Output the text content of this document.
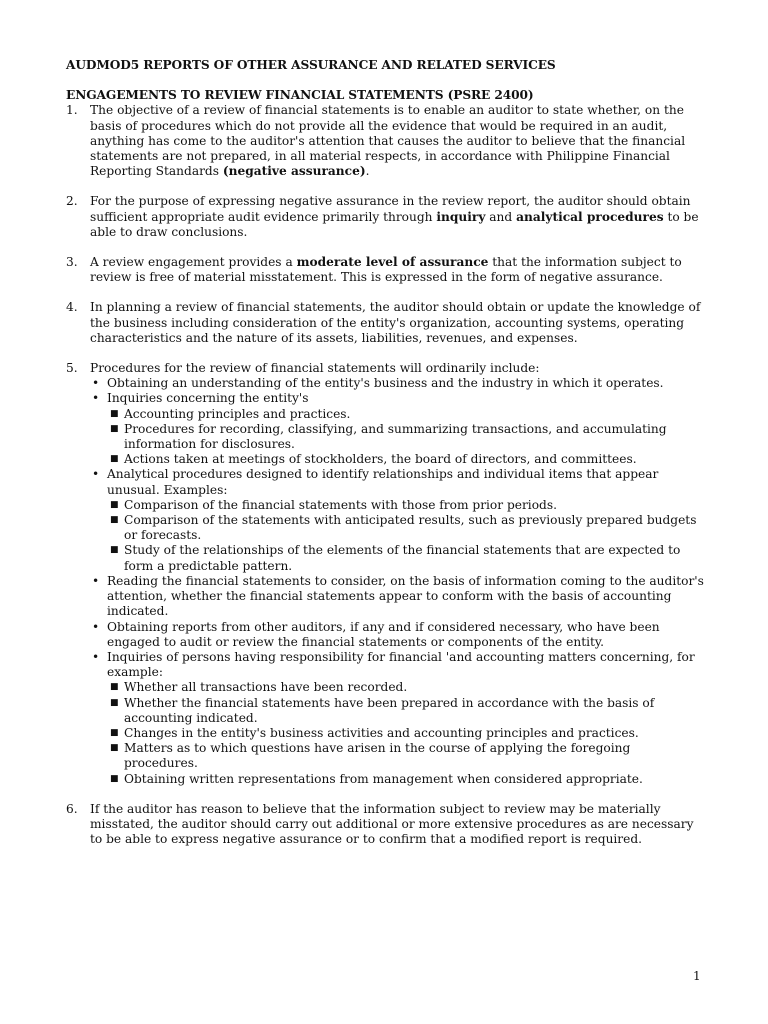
AUDMOD5 REPORTS OF OTHER ASSURANCE AND RELATED SERVICES

ENGAGEMENTS TO REVIEW FINANCIAL STATEMENTS (PSRE 2400)

1. The objective of a review of financial statements is to enable an auditor to state whether, on the basis of procedures which do not provide all the evidence that would be required in an audit, anything has come to the auditor's attention that causes the auditor to believe that the financial statements are not prepared, in all material respects, in accordance with Philippine Financial Reporting Standards (negative assurance).
2. For the purpose of expressing negative assurance in the review report, the auditor should obtain sufficient appropriate audit evidence primarily through inquiry and analytical procedures to be able to draw conclusions.
3. A review engagement provides a moderate level of assurance that the information subject to review is free of material misstatement. This is expressed in the form of negative assurance.
4. In planning a review of financial statements, the auditor should obtain or update the knowledge of the business including consideration of the entity's organization, accounting systems, operating characteristics and the nature of its assets, liabilities, revenues, and expenses.
5. Procedures for the review of financial statements will ordinarily include:
• Obtaining an understanding of the entity's business and the industry in which it operates.
• Inquiries concerning the entity's
■ Accounting principles and practices.
■ Procedures for recording, classifying, and summarizing transactions, and accumulating information for disclosures.
■ Actions taken at meetings of stockholders, the board of directors, and committees.
• Analytical procedures designed to identify relationships and individual items that appear unusual. Examples:
■ Comparison of the financial statements with those from prior periods.
■ Comparison of the statements with anticipated results, such as previously prepared budgets or forecasts.
■ Study of the relationships of the elements of the financial statements that are expected to form a predictable pattern.
• Reading the financial statements to consider, on the basis of information coming to the auditor's attention, whether the financial statements appear to conform with the basis of accounting indicated.
• Obtaining reports from other auditors, if any and if considered necessary, who have been engaged to audit or review the financial statements or components of the entity.
• Inquiries of persons having responsibility for financial 'and accounting matters concerning, for example:
■ Whether all transactions have been recorded.
■ Whether the financial statements have been prepared in accordance with the basis of accounting indicated.
■ Changes in the entity's business activities and accounting principles and practices.
■ Matters as to which questions have arisen in the course of applying the foregoing procedures.
■ Obtaining written representations from management when considered appropriate.
6. If the auditor has reason to believe that the information subject to review may be materially misstated, the auditor should carry out additional or more extensive procedures as are necessary to be able to express negative assurance or to confirm that a modified report is required.
1
